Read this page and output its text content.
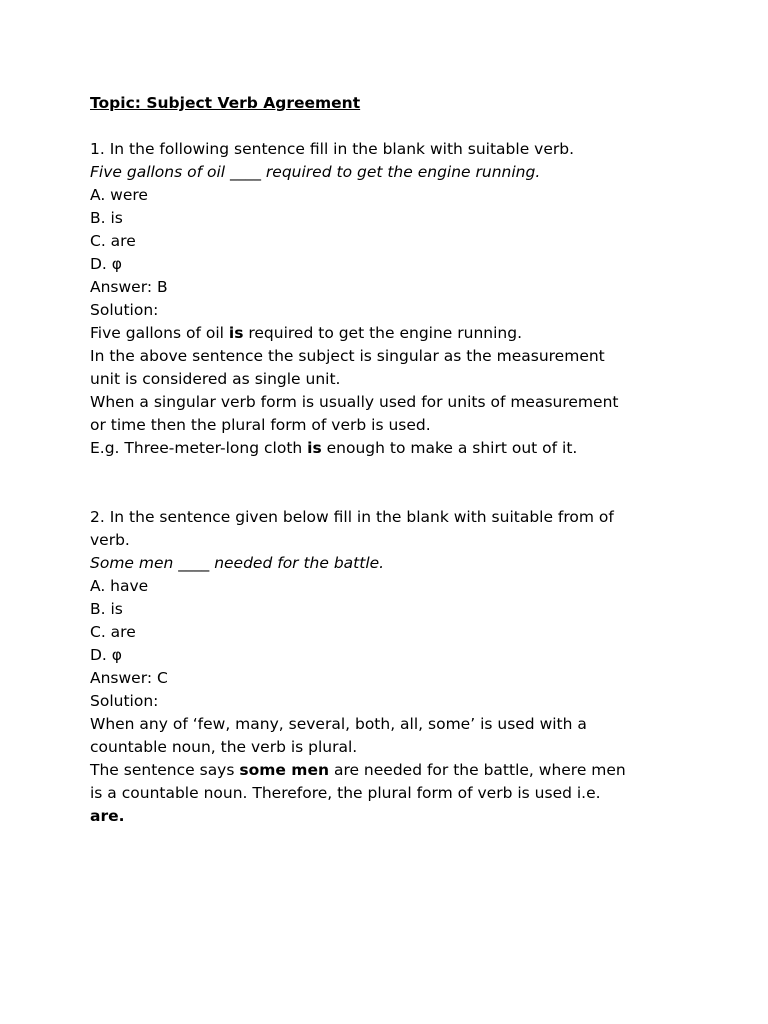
Topic: Subject Verb Agreement
1. In the following sentence fill in the blank with suitable verb.
Five gallons of oil ____ required to get the engine running.
A. were
B. is
C. are
D. φ
Answer: B
Solution:
Five gallons of oil is required to get the engine running.
In the above sentence the subject is singular as the measurement
unit is considered as single unit.
When a singular verb form is usually used for units of measurement
or time then the plural form of verb is used.
E.g. Three-meter-long cloth is enough to make a shirt out of it.
2. In the sentence given below fill in the blank with suitable from of
verb.
Some men ____ needed for the battle.
A. have
B. is
C. are
D. φ
Answer: C
Solution:
When any of ‘few, many, several, both, all, some’ is used with a
countable noun, the verb is plural.
The sentence says some men are needed for the battle, where men
is a countable noun. Therefore, the plural form of verb is used i.e.
are.
